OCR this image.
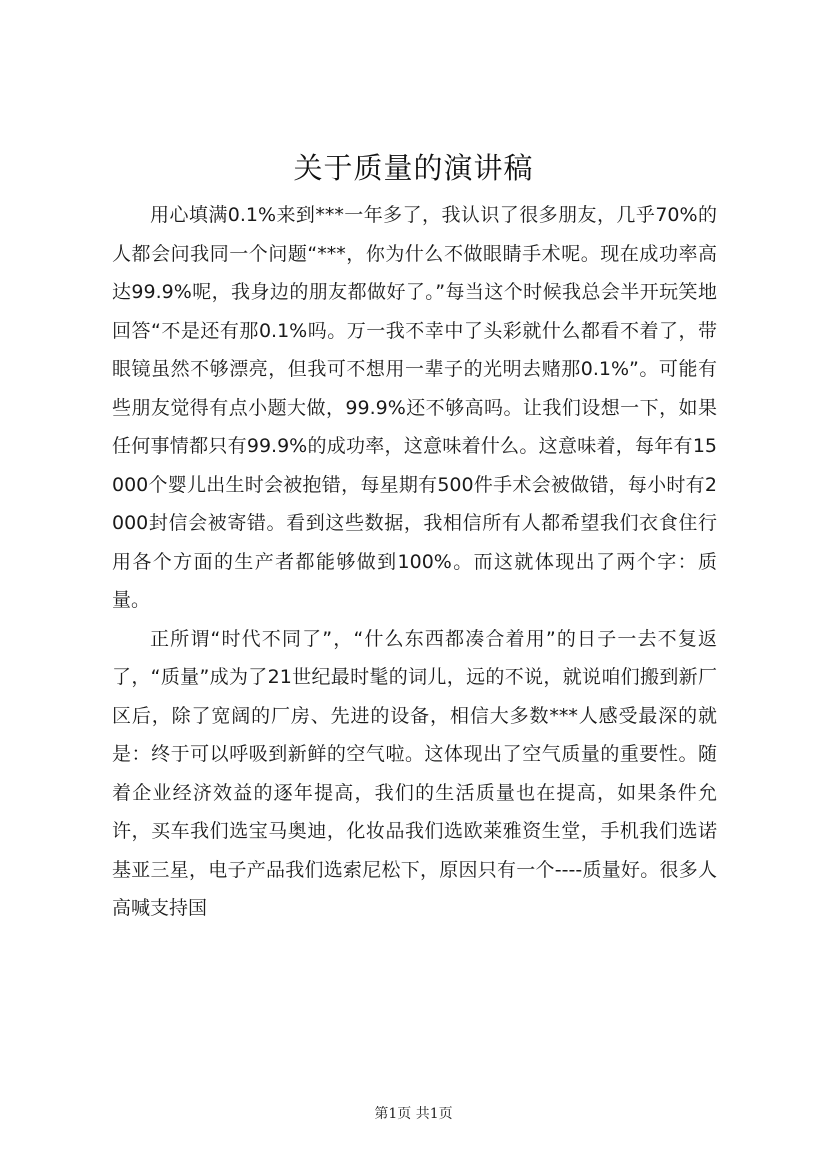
关于质量的演讲稿

用心填满0.1%来到***一年多了，我认识了很多朋友，几乎70%的人都会问我同一个问题“***，你为什么不做眼睛手术呢。现在成功率高达99.9%呢，我身边的朋友都做好了。”每当这个时候我总会半开玩笑地回答“不是还有那0.1%吗。万一我不幸中了头彩就什么都看不着了，带眼镜虽然不够漂亮，但我可不想用一辈子的光明去赌那0.1%”。可能有些朋友觉得有点小题大做，99.9%还不够高吗。让我们设想一下，如果任何事情都只有99.9%的成功率，这意味着什么。这意味着，每年有15000个婴儿出生时会被抱错，每星期有500件手术会被做错，每小时有2000封信会被寄错。看到这些数据，我相信所有人都希望我们衣食住行用各个方面的生产者都能够做到100%。而这就体现出了两个字：质量。

正所谓“时代不同了”，“什么东西都凑合着用”的日子一去不复返了，“质量”成为了21世纪最时髦的词儿，远的不说，就说咱们搬到新厂区后，除了宽阔的厂房、先进的设备，相信大多数***人感受最深的就是：终于可以呼吸到新鲜的空气啦。这体现出了空气质量的重要性。随着企业经济效益的逐年提高，我们的生活质量也在提高，如果条件允许，买车我们选宝马奥迪，化妆品我们选欧莱雅资生堂，手机我们选诺基亚三星，电子产品我们选索尼松下，原因只有一个----质量好。很多人高喊支持国

第1页 共1页
